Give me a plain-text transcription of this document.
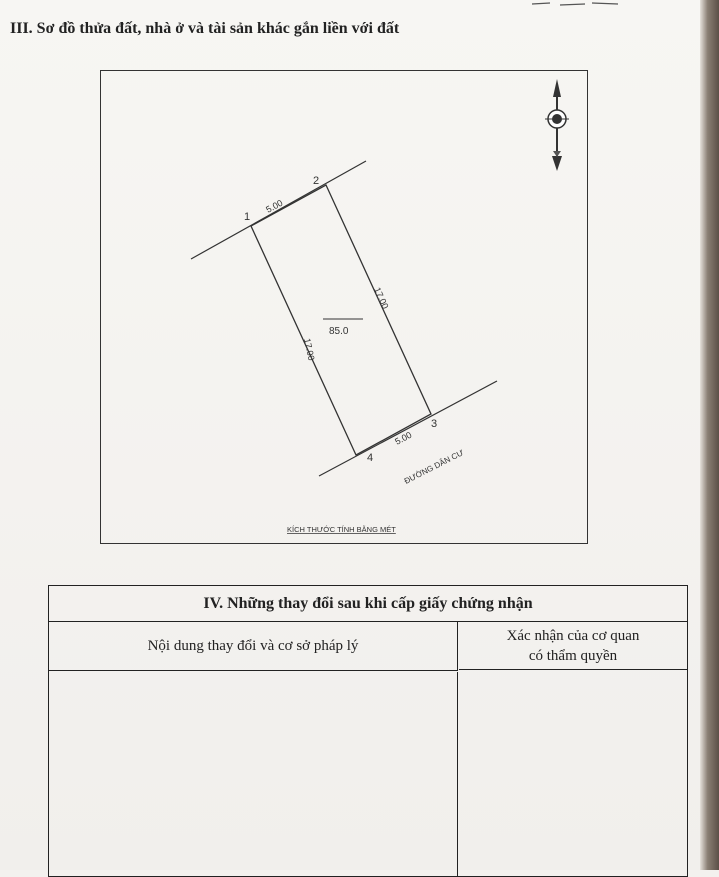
III. Sơ đồ thửa đất, nhà ở và tài sản khác gắn liền với đất
1
2
3
4
5.00
17.00
5.00
17.00
85.0
ĐƯỜNG DÂN CƯ
KÍCH THƯỚC TÍNH BẰNG MÉT
IV. Những thay đổi sau khi cấp giấy chứng nhận
Nội dung thay đổi và cơ sở pháp lý
Xác nhận của cơ quan
có thẩm quyền
